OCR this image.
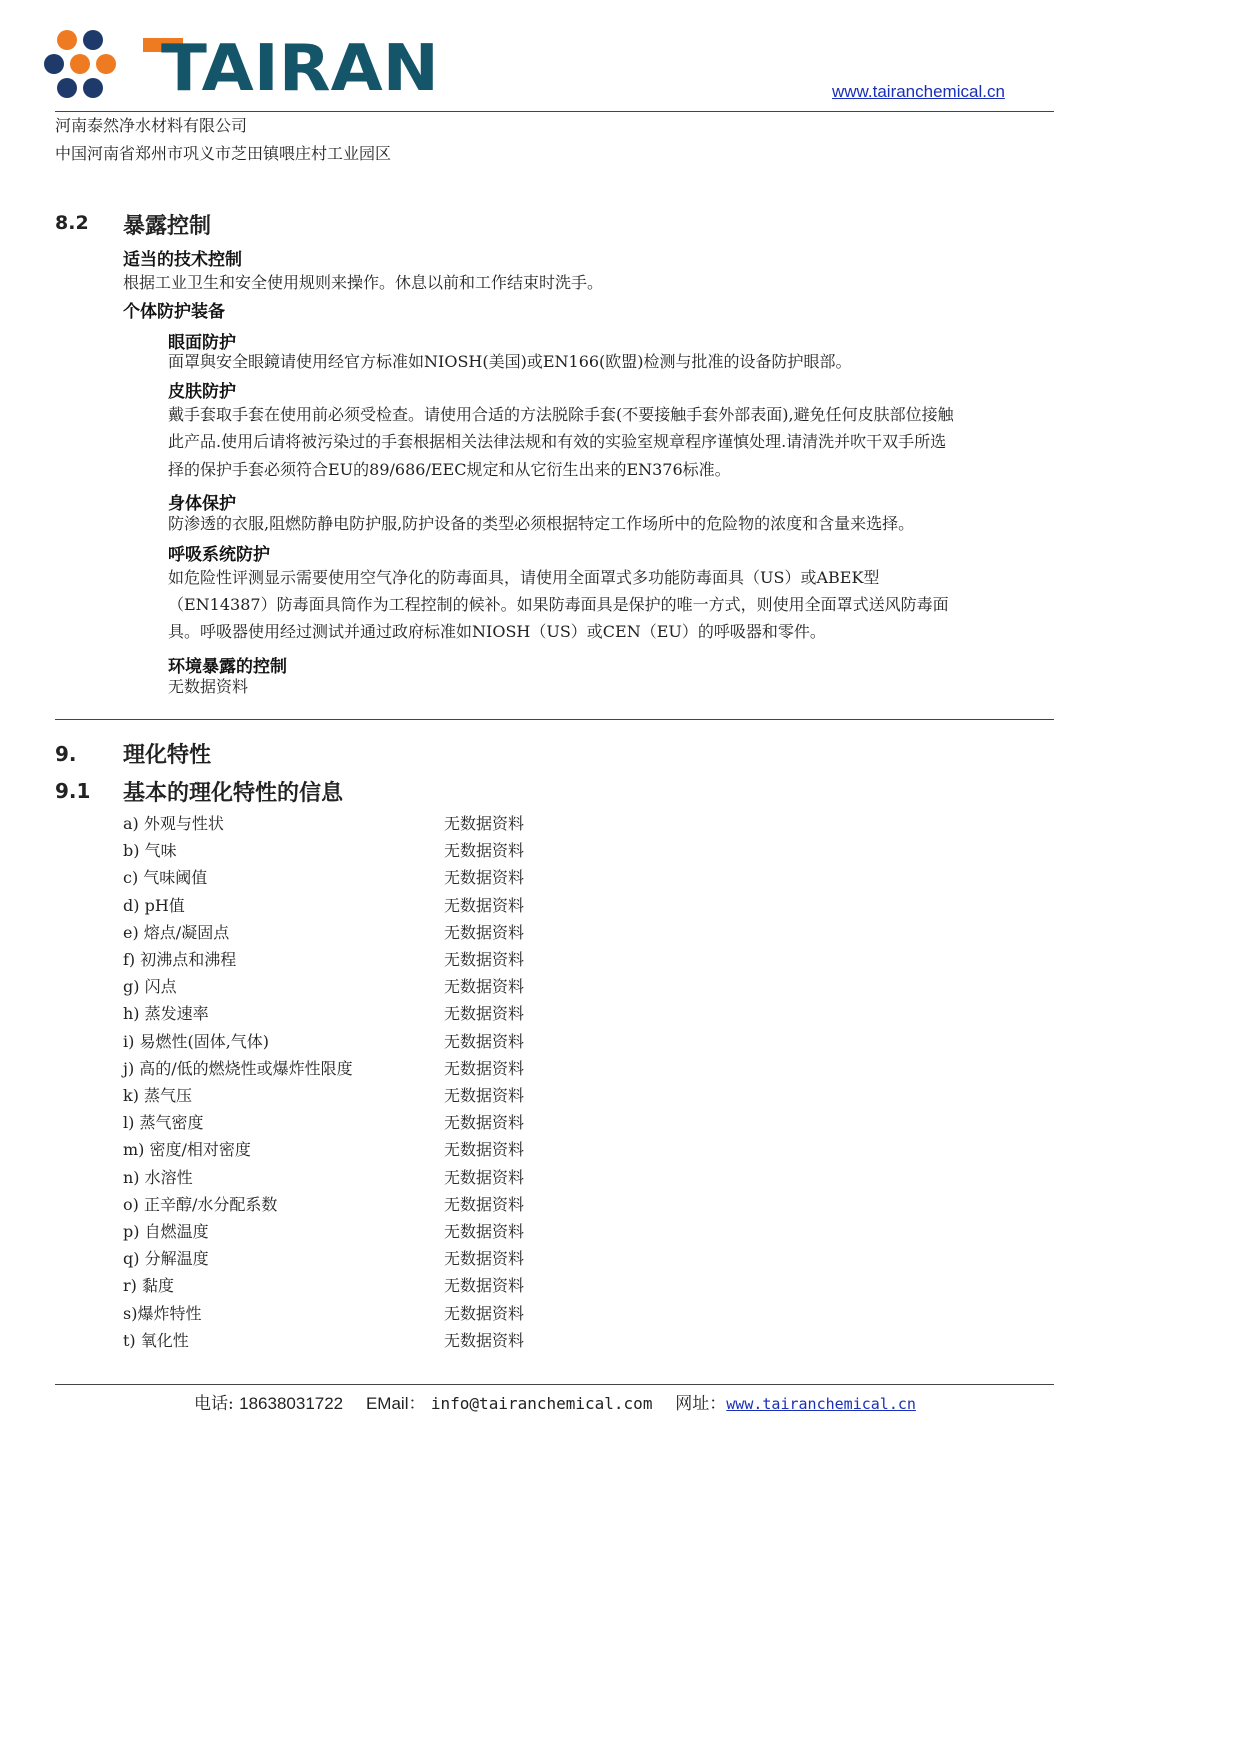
TAIRAN	www.tairanchemical.cn
河南泰然净水材料有限公司
中国河南省郑州市巩义市芝田镇喂庄村工业园区
8.2 暴露控制
适当的技术控制
根据工业卫生和安全使用规则来操作。休息以前和工作结束时洗手。
个体防护装备
眼面防护
面罩與安全眼鏡请使用经官方标准如NIOSH(美国)或EN166(欧盟)检测与批准的设备防护眼部。
皮肤防护
戴手套取手套在使用前必须受检查。请使用合适的方法脱除手套(不要接触手套外部表面),避免任何皮肤部位接触
此产品.使用后请将被污染过的手套根据相关法律法规和有效的实验室规章程序谨慎处理.请清洗并吹干双手所选
择的保护手套必须符合EU的89/686/EEC规定和从它衍生出来的EN376标准。
身体保护
防渗透的衣服,阻燃防静电防护服,防护设备的类型必须根据特定工作场所中的危险物的浓度和含量来选择。
呼吸系统防护
如危险性评测显示需要使用空气净化的防毒面具，请使用全面罩式多功能防毒面具（US）或ABEK型
（EN14387）防毒面具筒作为工程控制的候补。如果防毒面具是保护的唯一方式，则使用全面罩式送风防毒面
具。呼吸器使用经过测试并通过政府标准如NIOSH（US）或CEN（EU）的呼吸器和零件。
环境暴露的控制
无数据资料
9. 理化特性
9.1 基本的理化特性的信息
a) 外观与性状	无数据资料
b) 气味	无数据资料
c) 气味阈值	无数据资料
d) pH值	无数据资料
e) 熔点/凝固点	无数据资料
f) 初沸点和沸程	无数据资料
g) 闪点	无数据资料
h) 蒸发速率	无数据资料
i) 易燃性(固体,气体)	无数据资料
j) 高的/低的燃烧性或爆炸性限度	无数据资料
k) 蒸气压	无数据资料
l) 蒸气密度	无数据资料
m) 密度/相对密度	无数据资料
n) 水溶性	无数据资料
o) 正辛醇/水分配系数	无数据资料
p) 自燃温度	无数据资料
q) 分解温度	无数据资料
r) 黏度	无数据资料
s)爆炸特性	无数据资料
t) 氧化性	无数据资料
电话: 18638031722 EMail： info@tairanchemical.com 网址：www.tairanchemical.cn
